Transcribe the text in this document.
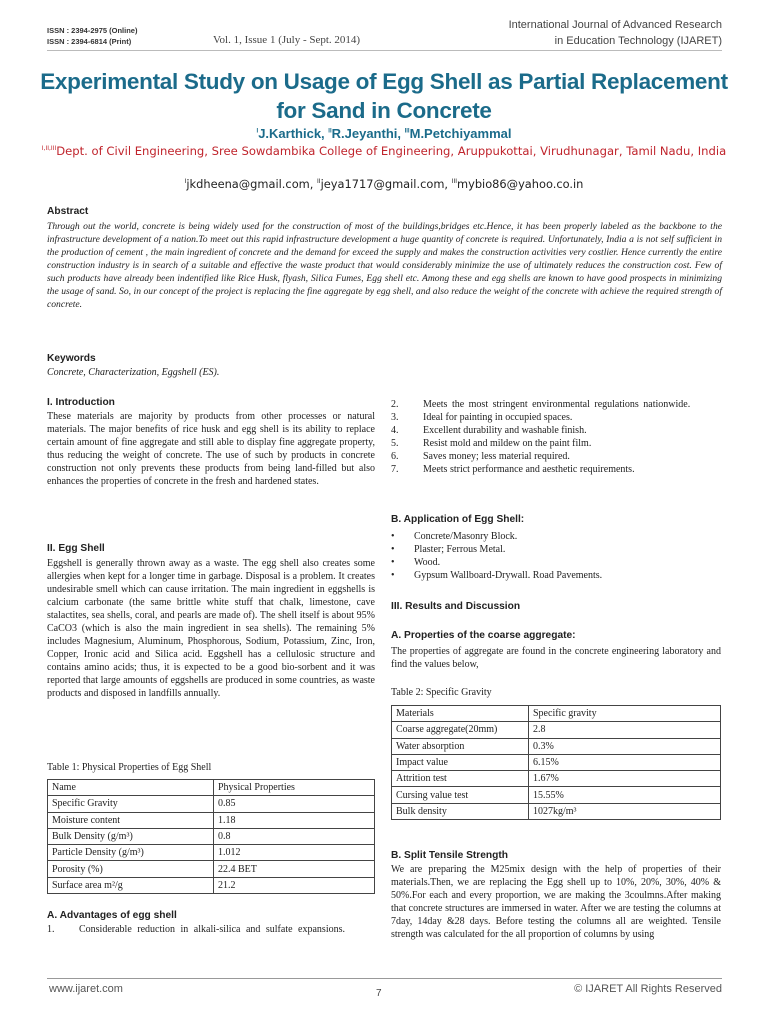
ISSN : 2394-2975 (Online)
ISSN : 2394-6814 (Print)	Vol. 1, Issue 1 (July - Sept. 2014)
International Journal of Advanced Research
in Education Technology (IJARET)
Experimental Study on Usage of Egg Shell as Partial Replacement for Sand in Concrete
$^I$J.Karthick, $^{II}$R.Jeyanthi, $^{III}$M.Petchiyammal
$^{I,II,III}$Dept. of Civil Engineering, Sree Sowdambika College of Engineering, Aruppukottai, Virudhunagar, Tamil Nadu, India
$^I$jkdheena@gmail.com, $^{II}$jeya1717@gmail.com, $^{III}$mybio86@yahoo.co.in
Abstract
Through out the world, concrete is being widely used for the construction of most of the buildings,bridges etc.Hence, it has been properly labeled as the backbone to the infrastructure development of a nation.To meet out this rapid infrastructure development a huge quantity of concrete is required. Unfortunately, India a is not self sufficient in the production of cement , the main ingredient of concrete and the demand for exceed the supply and makes the construction activities very costlier. Hence currently the entire construction industry is in search of a suitable and effective the waste product that would considerably minimize the use of ultimately reduces the construction cost. Few of such products have already been indentified like Rice Husk, flyash, Silica Fumes, Egg shell etc. Among these and egg shells are known to have good prospects in minimizing the usage of sand. So, in our concept of the project is replacing the fine aggregate by egg shell, and also reduce the weight of the concrete with achieve the required strength of concrete.
Keywords
Concrete, Characterization, Eggshell (ES).
I. Introduction
These materials are majority by products from other processes or natural materials. The major benefits of rice husk and egg shell is its ability to replace certain amount of fine aggregate and still able to display fine aggregate property, thus reducing the weight of concrete. The use of such by products in concrete construction not only prevents these products from being land-filled but also enhances the properties of concrete in the fresh and hardened states.
II. Egg Shell
Eggshell is generally thrown away as a waste. The egg shell also creates some allergies when kept for a longer time in garbage. Disposal is a problem. It creates undesirable smell which can cause irritation. The main ingredient in eggshells is calcium carbonate (the same brittle white stuff that chalk, limestone, cave stalactites, sea shells, coral, and pearls are made of). The shell itself is about 95% CaCO3 (which is also the main ingredient in sea shells). The remaining 5% includes Magnesium, Aluminum, Phosphorous, Sodium, Potassium, Zinc, Iron, Copper, Ironic acid and Silica acid. Eggshell has a cellulosic structure and contains amino acids; thus, it is expected to be a good bio-sorbent and it was reported that large amounts of eggshells are produced in some countries, as waste products and disposed in landfills annually.
Table 1: Physical Properties of Egg Shell
Name	Physical Properties
Specific Gravity	0.85
Moisture content	1.18
Bulk Density (g/m³)	0.8
Particle Density (g/m³)	1.012
Porosity (%)	22.4 BET
Surface area m²/g	21.2
A. Advantages of egg shell
1.	Considerable reduction in alkali-silica and sulfate expansions.
2.	Meets the most stringent environmental regulations nationwide.
3.	Ideal for painting in occupied spaces.
4.	Excellent durability and washable finish.
5.	Resist mold and mildew on the paint film.
6.	Saves money; less material required.
7.	Meets strict performance and aesthetic requirements.
B. Application of Egg Shell:
•	Concrete/Masonry Block.
•	Plaster; Ferrous Metal.
•	Wood.
•	Gypsum Wallboard-Drywall. Road Pavements.
III. Results and Discussion
A. Properties of the coarse aggregate:
The properties of aggregate are found in the concrete engineering laboratory and find the values below,
Table 2: Specific Gravity
Materials	Specific gravity
Coarse aggregate(20mm)	2.8
Water absorption	0.3%
Impact value	6.15%
Attrition test	1.67%
Cursing value test	15.55%
Bulk density	1027kg/m³
B. Split Tensile Strength
We are preparing the M25mix design with the help of properties of their materials.Then, we are replacing the Egg shell up to 10%, 20%, 30%, 40% & 50%.For each and every proportion, we are making the 3coulmns.After making that concrete structures are immersed in water. After we are testing the columns at 7day, 14day &28 days. Before testing the columns all are weighted. Tensile strength was calculated for the all proportion of columns by using
www.ijaret.com	7	© IJARET All Rights Reserved
